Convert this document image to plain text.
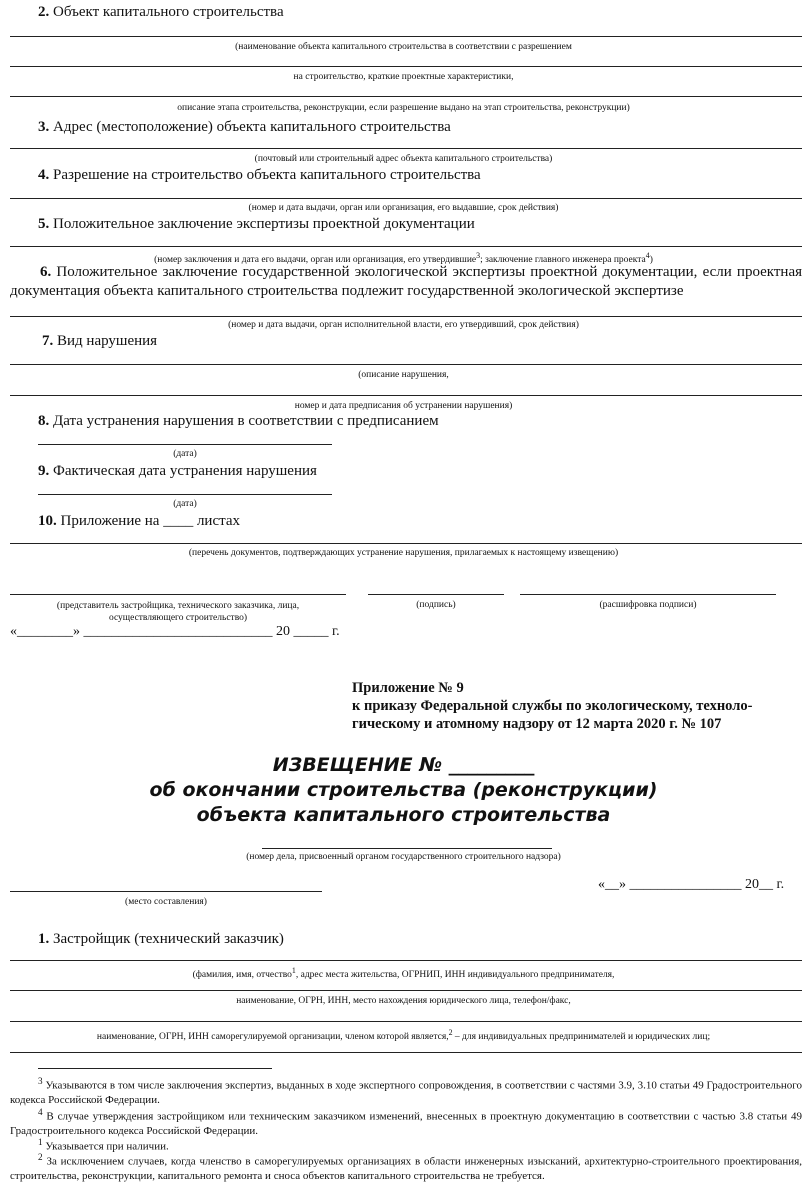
2. Объект капитального строительства
(наименование объекта капитального строительства в соответствии с разрешением
на строительство, краткие проектные характеристики,
описание этапа строительства, реконструкции, если разрешение выдано на этап строительства, реконструкции)
3. Адрес (местоположение) объекта капитального строительства
(почтовый или строительный адрес объекта капитального строительства)
4. Разрешение на строительство объекта капитального строительства
(номер и дата выдачи, орган или организация, его выдавшие, срок действия)
5. Положительное заключение экспертизы проектной документации
(номер заключения и дата его выдачи, орган или организация, его утвердившие$^3$; заключение главного инженера проекта$^4$)
6. Положительное заключение государственной экологической экспертизы проектной документации, если проектная документация объекта капитального строительства подлежит государственной экологической экспертизе
(номер и дата выдачи, орган исполнительной власти, его утвердивший, срок действия)
7. Вид нарушения
(описание нарушения,
номер и дата предписания об устранении нарушения)
8. Дата устранения нарушения в соответствии с предписанием
(дата)
9. Фактическая дата устранения нарушения
(дата)
10. Приложение на ____ листах
(перечень документов, подтверждающих устранение нарушения, прилагаемых к настоящему извещению)
(представитель застройщика, технического заказчика, лица,
осуществляющего строительство)
(подпись)	(расшифровка подписи)
«________» ___________________________ 20 _____ г.
Приложение № 9
к приказу Федеральной службы по экологическому, техноло-
гическому и атомному надзору от 12 марта 2020 г. № 107
ИЗВЕЩЕНИЕ № _________
об окончании строительства (реконструкции)
объекта капитального строительства
(номер дела, присвоенный органом государственного строительного надзора)
(место составления)
«__» ________________ 20__ г.
1. Застройщик (технический заказчик)
(фамилия, имя, отчество$^1$, адрес места жительства, ОГРНИП, ИНН индивидуального предпринимателя,
наименование, ОГРН, ИНН, место нахождения юридического лица, телефон/факс,
наименование, ОГРН, ИНН саморегулируемой организации, членом которой является,$^2$ – для индивидуальных предпринимателей и юридических лиц;
$^3$ Указываются в том числе заключения экспертиз, выданных в ходе экспертного сопровождения, в соответствии с частями 3.9, 3.10 статьи 49 Градостроительного кодекса Российской Федерации.
$^4$ В случае утверждения застройщиком или техническим заказчиком изменений, внесенных в проектную документацию в соответствии с частью 3.8 статьи 49 Градостроительного кодекса Российской Федерации.
$^1$ Указывается при наличии.
$^2$ За исключением случаев, когда членство в саморегулируемых организациях в области инженерных изысканий, архитектурно-строительного проектирования, строительства, реконструкции, капитального ремонта и сноса объектов капитального строительства не требуется.
